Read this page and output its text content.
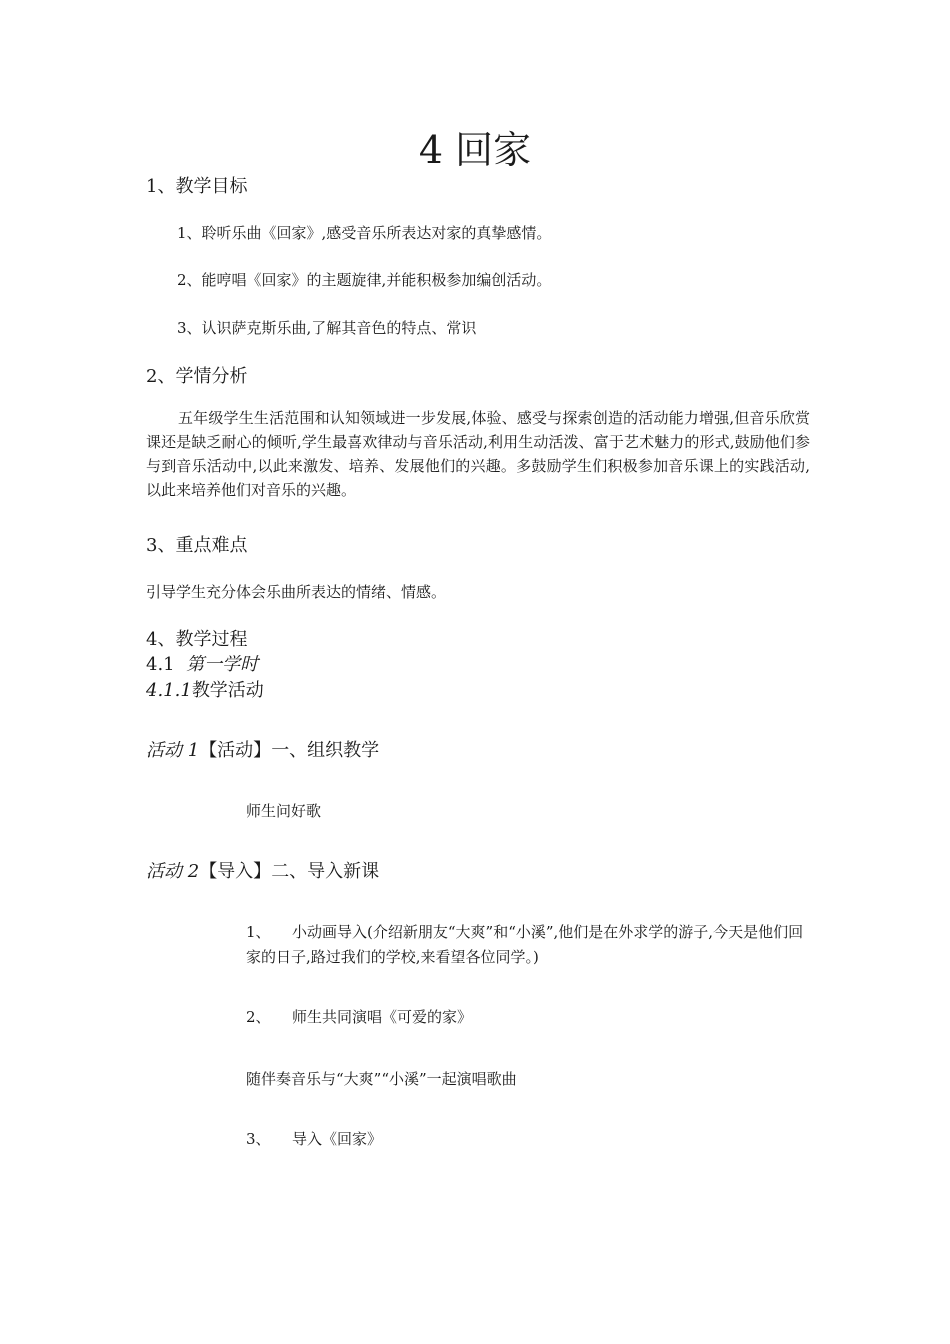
4 回家
1、教学目标
1、聆听乐曲《回家》,感受音乐所表达对家的真挚感情。
2、能哼唱《回家》的主题旋律,并能积极参加编创活动。
3、认识萨克斯乐曲,了解其音色的特点、常识
2、学情分析
五年级学生生活范围和认知领域进一步发展,体验、感受与探索创造的活动能力增强,但音乐欣赏课还是缺乏耐心的倾听,学生最喜欢律动与音乐活动,利用生动活泼、富于艺术魅力的形式,鼓励他们参与到音乐活动中,以此来激发、培养、发展他们的兴趣。多鼓励学生们积极参加音乐课上的实践活动,以此来培养他们对音乐的兴趣。
3、重点难点
引导学生充分体会乐曲所表达的情绪、情感。
4、教学过程
4.1 第一学时
4.1.1教学活动
活动 1【活动】一、组织教学
师生问好歌
活动 2【导入】二、导入新课
1、 小动画导入(介绍新朋友“大爽”和“小溪”,他们是在外求学的游子,今天是他们回家的日子,路过我们的学校,来看望各位同学。)
2、 师生共同演唱《可爱的家》
随伴奏音乐与“大爽”“小溪”一起演唱歌曲
3、 导入《回家》
